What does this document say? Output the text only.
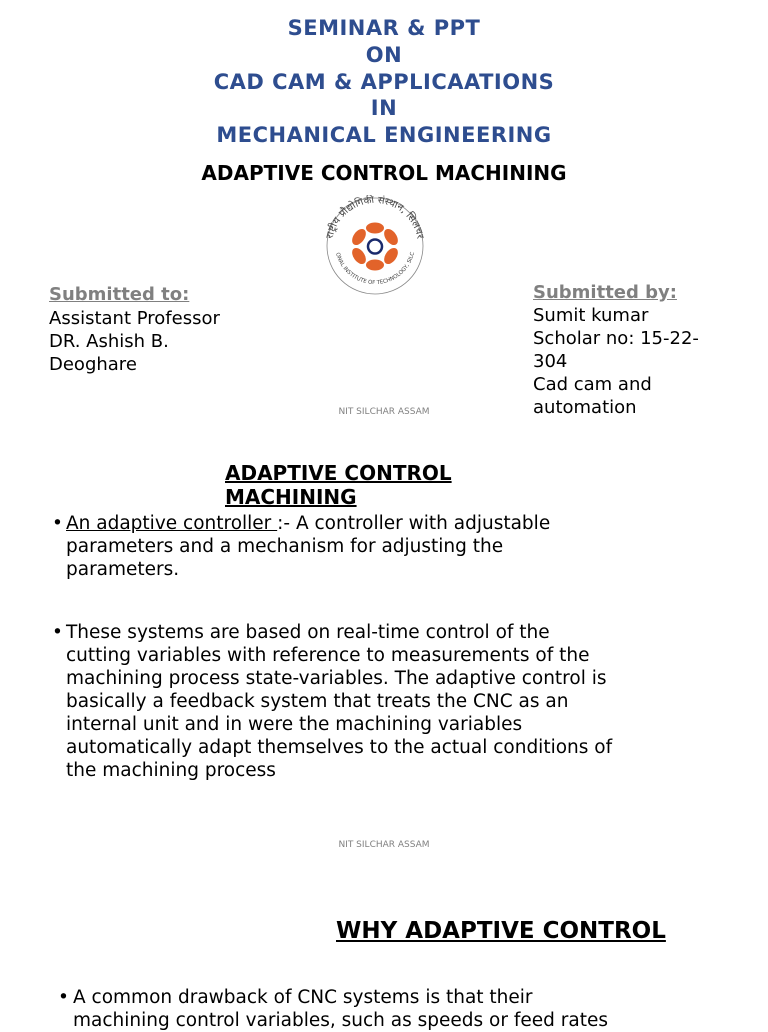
SEMINAR & PPT
ON
CAD CAM & APPLICAATIONS
IN
MECHANICAL ENGINEERING
ADAPTIVE CONTROL MACHINING
राष्ट्रीय प्रौद्योगिकी संस्थान, सिलचर
ONAL INSTITUTE OF TECHNOLOGY, SILC
Submitted to:
Assistant Professor
DR. Ashish B.
Deoghare
Submitted by:
Sumit kumar
Scholar no: 15-22-
304
Cad cam and
automation
NIT SILCHAR ASSAM
ADAPTIVE CONTROL
MACHINING
• An adaptive controller :- A controller with adjustable
parameters and a mechanism for adjusting the
parameters.
• These systems are based on real-time control of the
cutting variables with reference to measurements of the
machining process state-variables. The adaptive control is
basically a feedback system that treats the CNC as an
internal unit and in were the machining variables
automatically adapt themselves to the actual conditions of
the machining process
NIT SILCHAR ASSAM
WHY ADAPTIVE CONTROL
• A common drawback of CNC systems is that their
machining control variables, such as speeds or feed rates
